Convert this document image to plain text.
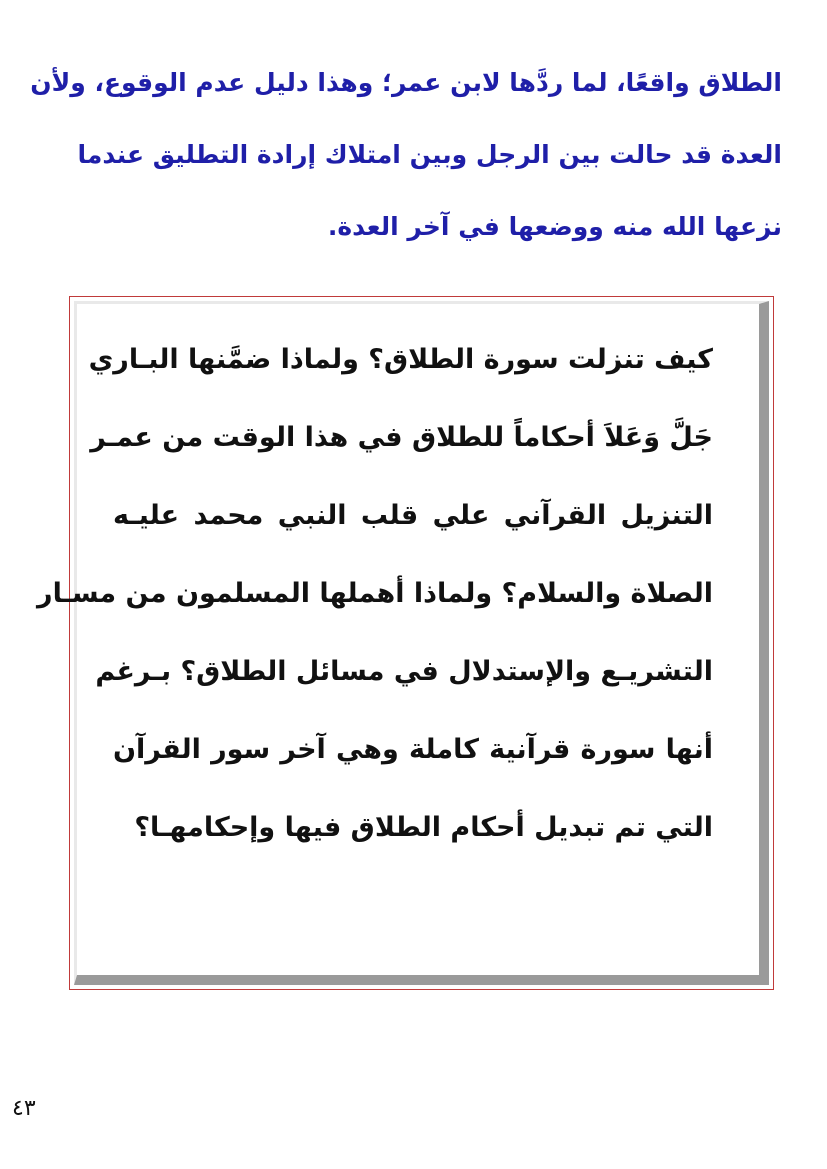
الطلاق واقعًا، لما ردَّها لابن عمر؛ وهذا دليل عدم الوقوع، ولأن
العدة قد حالت بين الرجل وبين امتلاك إرادة التطليق عندما
نزعها الله منه ووضعها في آخر العدة.
كيف تنزلت سورة الطلاق؟ ولماذا ضمَّنها البـاري
جَلَّ وَعَلاَ أحكاماً للطلاق في هذا الوقت من عمـر
التنزيل القرآني علي قلب النبي محمد عليـه
الصلاة والسلام؟ ولماذا أهملها المسلمون من مسـار
التشريـع والإستدلال في مسائل الطلاق؟ بـرغم
أنها سورة قرآنية كاملة وهي آخر سور القرآن
التي تم تبديل أحكام الطلاق فيها وإحكامهـا؟
٤٣
